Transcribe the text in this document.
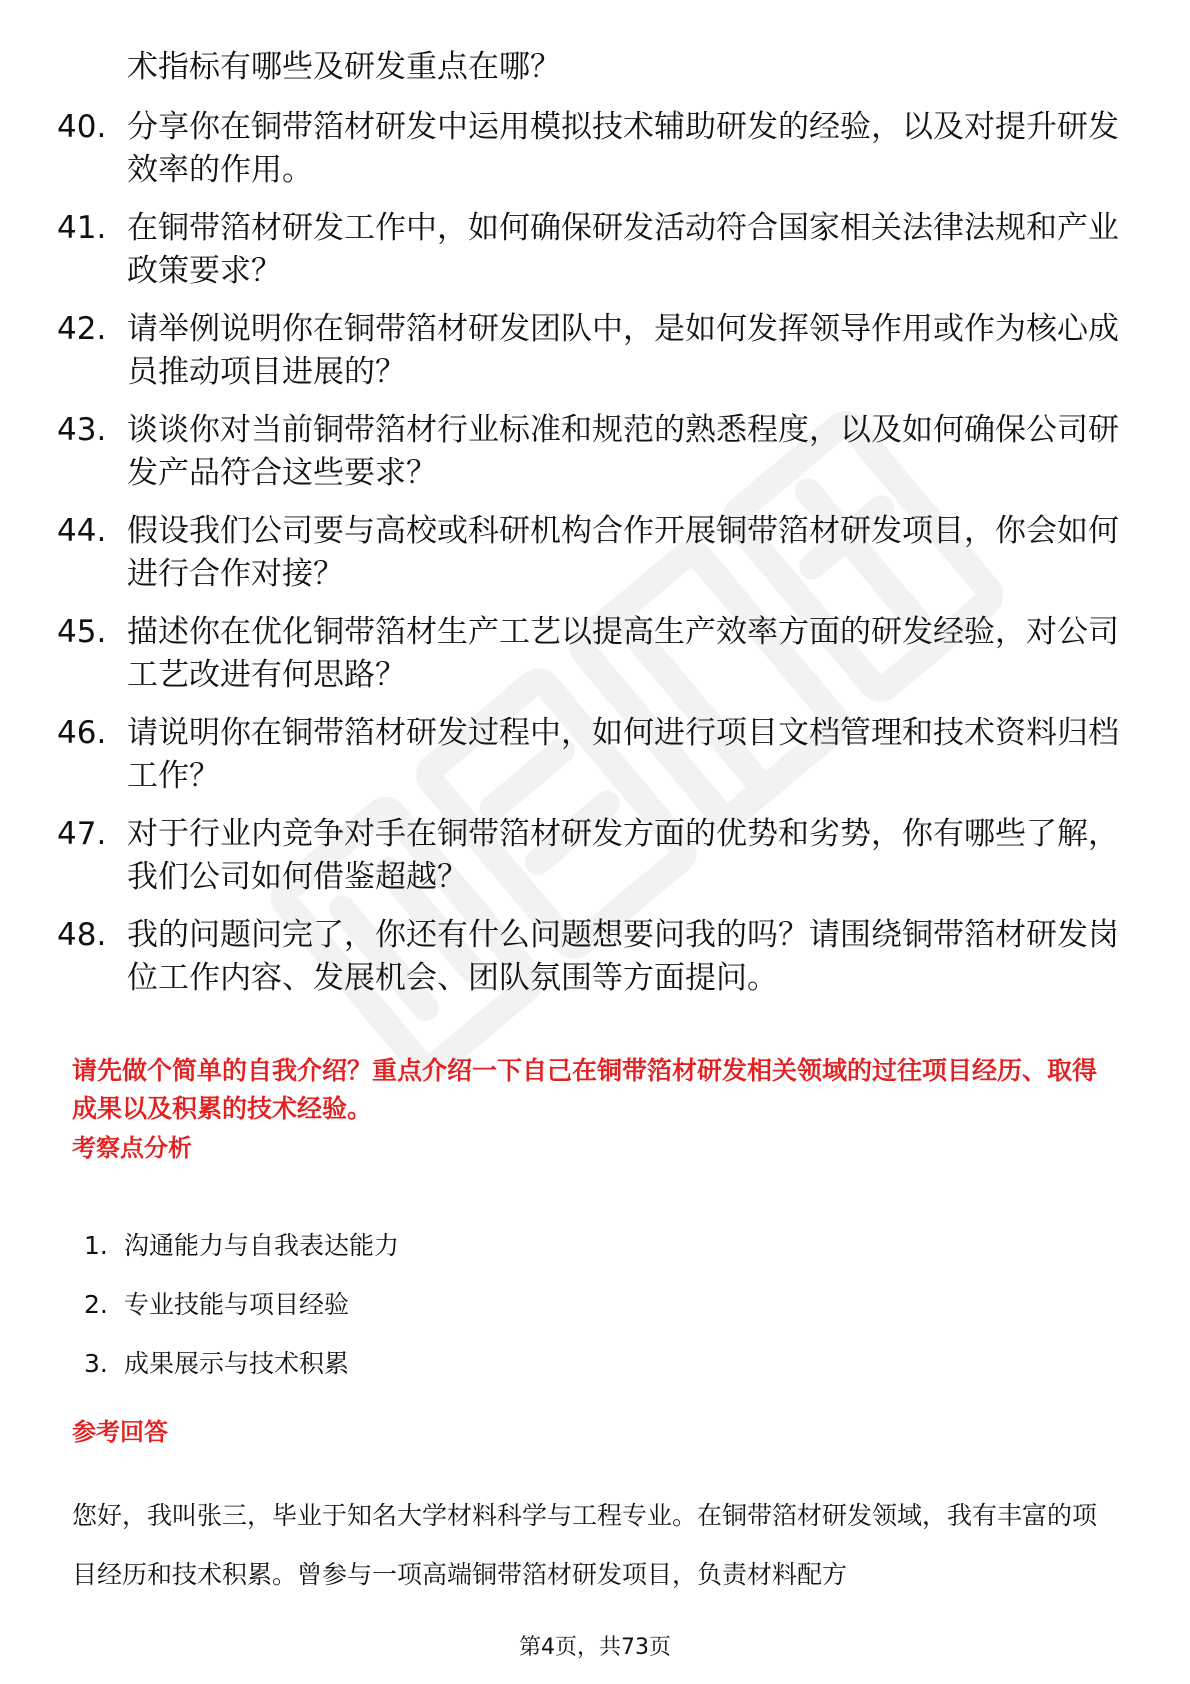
术指标有哪些及研发重点在哪？
40. 分享你在铜带箔材研发中运用模拟技术辅助研发的经验，以及对提升研发效率的作用。
41. 在铜带箔材研发工作中，如何确保研发活动符合国家相关法律法规和产业政策要求？
42. 请举例说明你在铜带箔材研发团队中，是如何发挥领导作用或作为核心成员推动项目进展的？
43. 谈谈你对当前铜带箔材行业标准和规范的熟悉程度，以及如何确保公司研发产品符合这些要求？
44. 假设我们公司要与高校或科研机构合作开展铜带箔材研发项目，你会如何进行合作对接？
45. 描述你在优化铜带箔材生产工艺以提高生产效率方面的研发经验，对公司工艺改进有何思路？
46. 请说明你在铜带箔材研发过程中，如何进行项目文档管理和技术资料归档工作？
47. 对于行业内竞争对手在铜带箔材研发方面的优势和劣势，你有哪些了解，我们公司如何借鉴超越？
48. 我的问题问完了，你还有什么问题想要问我的吗？请围绕铜带箔材研发岗位工作内容、发展机会、团队氛围等方面提问。
请先做个简单的自我介绍？重点介绍一下自己在铜带箔材研发相关领域的过往项目经历、取得成果以及积累的技术经验。
考察点分析
1. 沟通能力与自我表达能力
2. 专业技能与项目经验
3. 成果展示与技术积累
参考回答

您好，我叫张三，毕业于知名大学材料科学与工程专业。在铜带箔材研发领域，我有丰富的项目经历和技术积累。曾参与一项高端铜带箔材研发项目，负责材料配方

第4页，共73页
